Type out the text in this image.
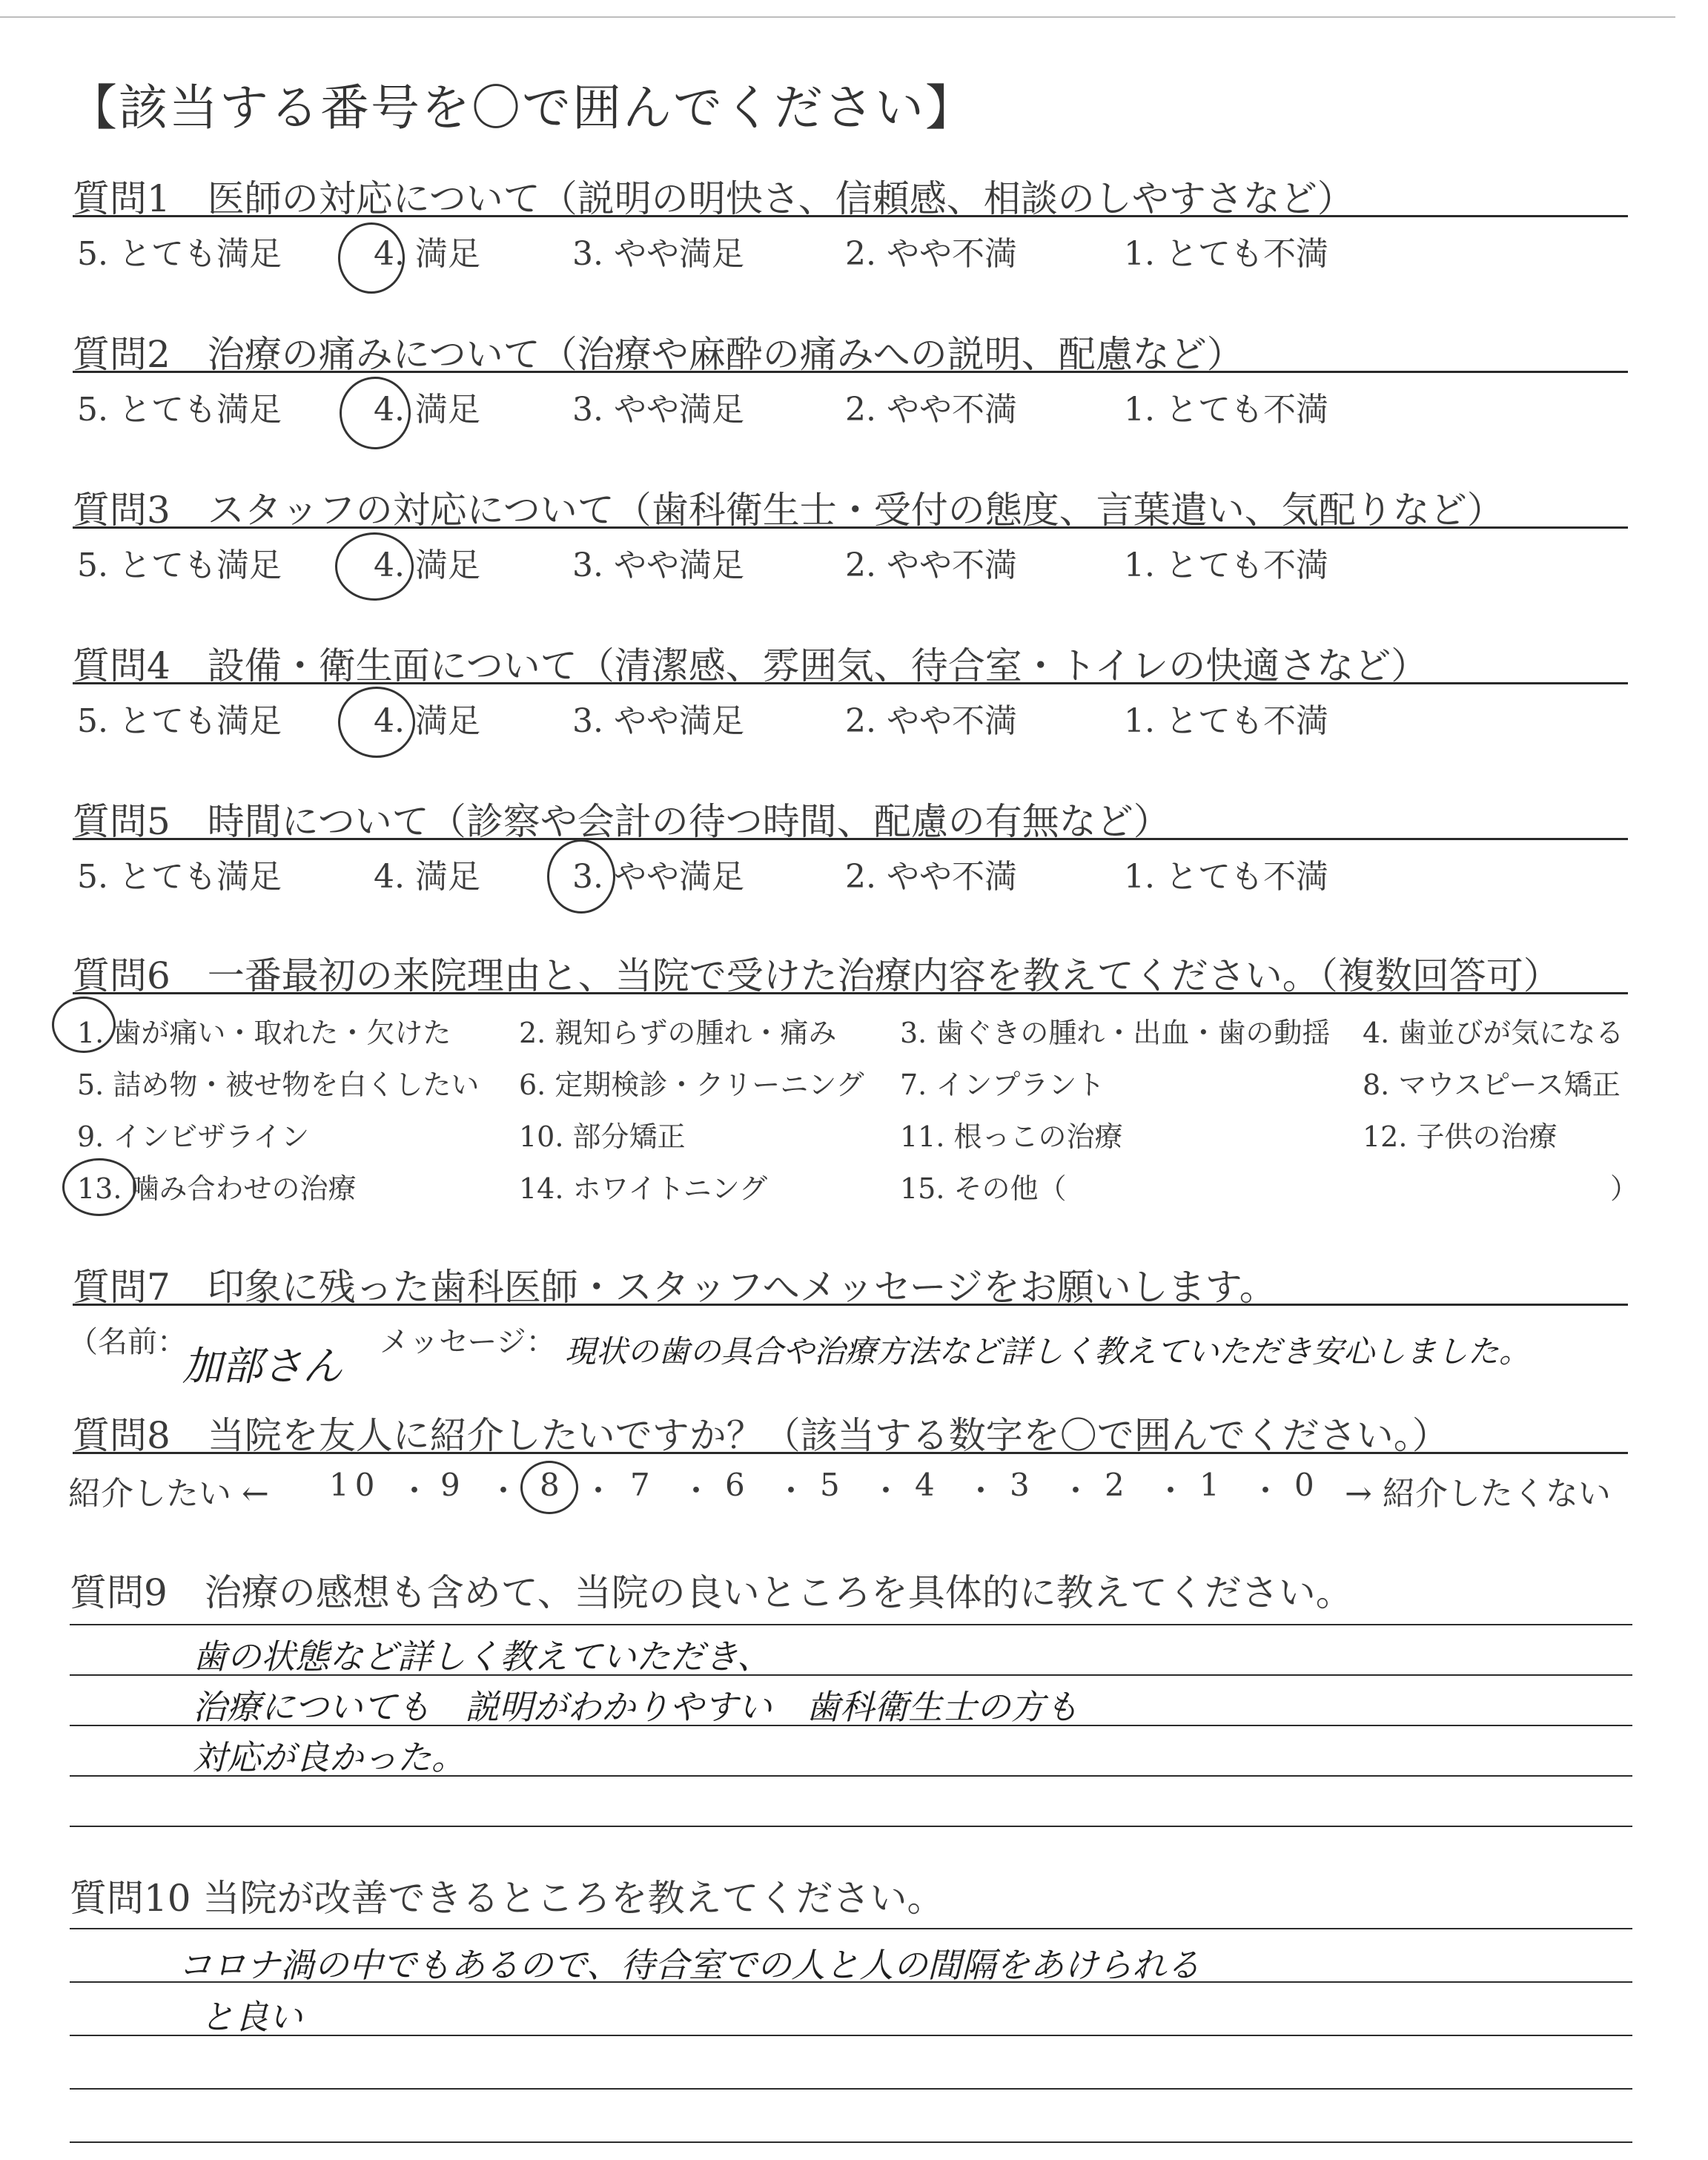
【該当する番号を〇で囲んでください】
質問1　医師の対応について（説明の明快さ、信頼感、相談のしやすさなど）
5. とても満足	4. 満足	3. やや満足	2. やや不満	1. とても不満
質問2　治療の痛みについて（治療や麻酔の痛みへの説明、配慮など）
5. とても満足	4. 満足	3. やや満足	2. やや不満	1. とても不満
質問3　スタッフの対応について（歯科衛生士・受付の態度、言葉遣い、気配りなど）
5. とても満足	4. 満足	3. やや満足	2. やや不満	1. とても不満
質問4　設備・衛生面について（清潔感、雰囲気、待合室・トイレの快適さなど）
5. とても満足	4. 満足	3. やや満足	2. やや不満	1. とても不満
質問5　時間について（診察や会計の待つ時間、配慮の有無など）
5. とても満足	4. 満足	3. やや満足	2. やや不満	1. とても不満
質問6　一番最初の来院理由と、当院で受けた治療内容を教えてください。（複数回答可）
1. 歯が痛い・取れた・欠けた 2. 親知らずの腫れ・痛み 3. 歯ぐきの腫れ・出血・歯の動揺 4. 歯並びが気になる
5. 詰め物・被せ物を白くしたい 6. 定期検診・クリーニング 7. インプラント	8. マウスピース矯正
9. インビザライン	10. 部分矯正	11. 根っこの治療	12. 子供の治療
13. 噛み合わせの治療	14. ホワイトニング	15. その他（	）
質問7　印象に残った歯科医師・スタッフへメッセージをお願いします。
（名前：
加部さん
メッセージ： 現状の歯の具合や治療方法など詳しく教えていただき安心しました。
質問8　当院を友人に紹介したいですか？（該当する数字を〇で囲んでください。）
紹介したい ← 10 ・ 9 ・ 8 ・ 7 ・ 6 ・ 5 ・ 4 ・ 3 ・ 2 ・ 1 ・ 0 → 紹介したくない
質問9　治療の感想も含めて、当院の良いところを具体的に教えてください。
歯の状態など詳しく教えていただき、
治療についても　説明がわかりやすい　歯科衛生士の方も
対応が良かった。
質問10 当院が改善できるところを教えてください。
コロナ渦の中でもあるので、待合室での人と人の間隔をあけられる
と良い
